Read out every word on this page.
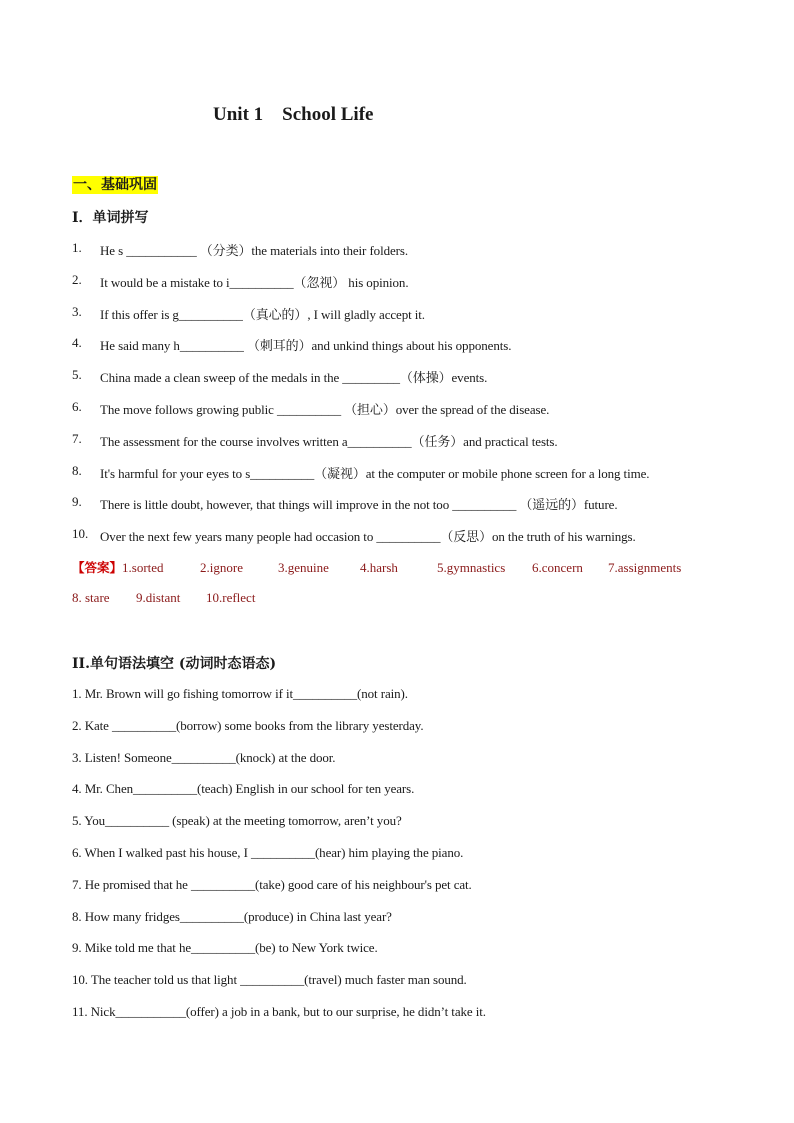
Unit 1    School Life
一、基础巩固
I．单词拼写
1. He s ___________ （分类）the materials into their folders.
2. It would be a mistake to i__________（忽视） his opinion.
3. If this offer is g__________（真心的）, I will gladly accept it.
4. He said many h__________ （刺耳的）and unkind things about his opponents.
5. China made a clean sweep of the medals in the _________（体操）events.
6. The move follows growing public __________ （担心）over the spread of the disease.
7. The assessment for the course involves written a__________（任务）and practical tests.
8. It's harmful for your eyes to s__________（凝视）at the computer or mobile phone screen for a long time.
9. There is little doubt, however, that things will improve in the not too __________ （遥远的）future.
10. Over the next few years many people had occasion to __________（反思）on the truth of his warnings.
【答案】1.sorted	2.ignore	3.genuine 4.harsh	5.gymnastics 6.concern 7.assignments
8. stare 9.distant 10.reflect
II.单句语法填空 (动词时态语态)
1. Mr. Brown will go fishing tomorrow if it__________(not rain).
2. Kate __________(borrow) some books from the library yesterday.
3. Listen! Someone__________(knock) at the door.
4. Mr. Chen__________(teach) English in our school for ten years.
5. You__________ (speak) at the meeting tomorrow, aren’t you?
6. When I walked past his house, I __________(hear) him playing the piano.
7. He promised that he __________(take) good care of his neighbour's pet cat.
8. How many fridges__________(produce) in China last year?
9. Mike told me that he__________(be) to New York twice.
10. The teacher told us that light __________(travel) much faster man sound.
11. Nick___________(offer) a job in a bank, but to our surprise, he didn’t take it.
